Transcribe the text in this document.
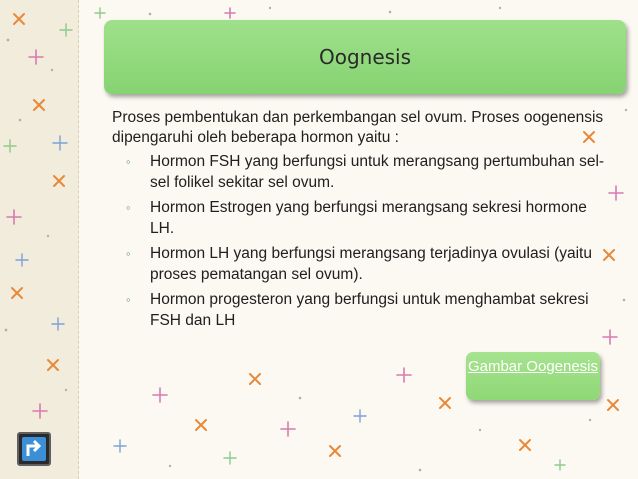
Oognesis

Proses pembentukan dan perkembangan sel ovum. Proses oogenensis dipengaruhi oleh beberapa hormon yaitu :

◦ Hormon FSH yang berfungsi untuk merangsang pertumbuhan sel-sel folikel sekitar sel ovum.
◦ Hormon Estrogen yang berfungsi merangsang sekresi hormone LH.
◦ Hormon LH yang berfungsi merangsang terjadinya ovulasi (yaitu proses pematangan sel ovum).
◦ Hormon progesteron yang berfungsi untuk menghambat sekresi FSH dan LH
Gambar Oogenesis
